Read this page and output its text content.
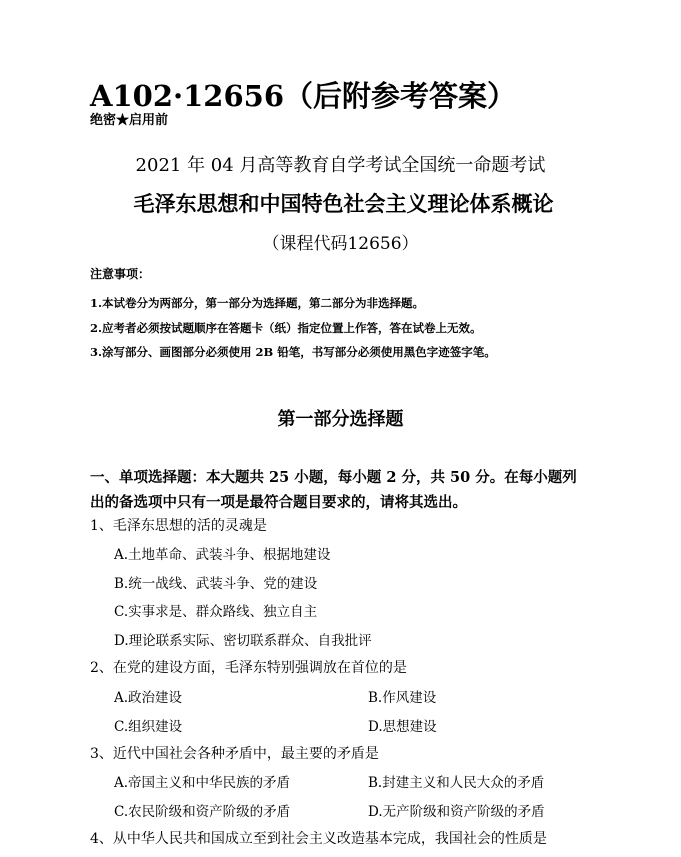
A102·12656（后附参考答案）
绝密★启用前
2021 年 04 月高等教育自学考试全国统一命题考试
毛泽东思想和中国特色社会主义理论体系概论
（课程代码12656）
注意事项：
1.本试卷分为两部分，第一部分为选择题，第二部分为非选择题。
2.应考者必须按试题顺序在答题卡（纸）指定位置上作答，答在试卷上无效。
3.涂写部分、画图部分必须使用 2B 铅笔，书写部分必须使用黑色字迹签字笔。
第一部分选择题
一、单项选择题：本大题共 25 小题，每小题 2 分，共 50 分。在每小题列出的备选项中只有一项是最符合题目要求的，请将其选出。
1、毛泽东思想的活的灵魂是
A.土地革命、武装斗争、根据地建设
B.统一战线、武装斗争、党的建设
C.实事求是、群众路线、独立自主
D.理论联系实际、密切联系群众、自我批评
2、在党的建设方面，毛泽东特别强调放在首位的是
A.政治建设	B.作风建设
C.组织建设	D.思想建设
3、近代中国社会各种矛盾中，最主要的矛盾是
A.帝国主义和中华民族的矛盾	B.封建主义和人民大众的矛盾
C.农民阶级和资产阶级的矛盾	D.无产阶级和资产阶级的矛盾
4、从中华人民共和国成立至到社会主义改造基本完成，我国社会的性质是
